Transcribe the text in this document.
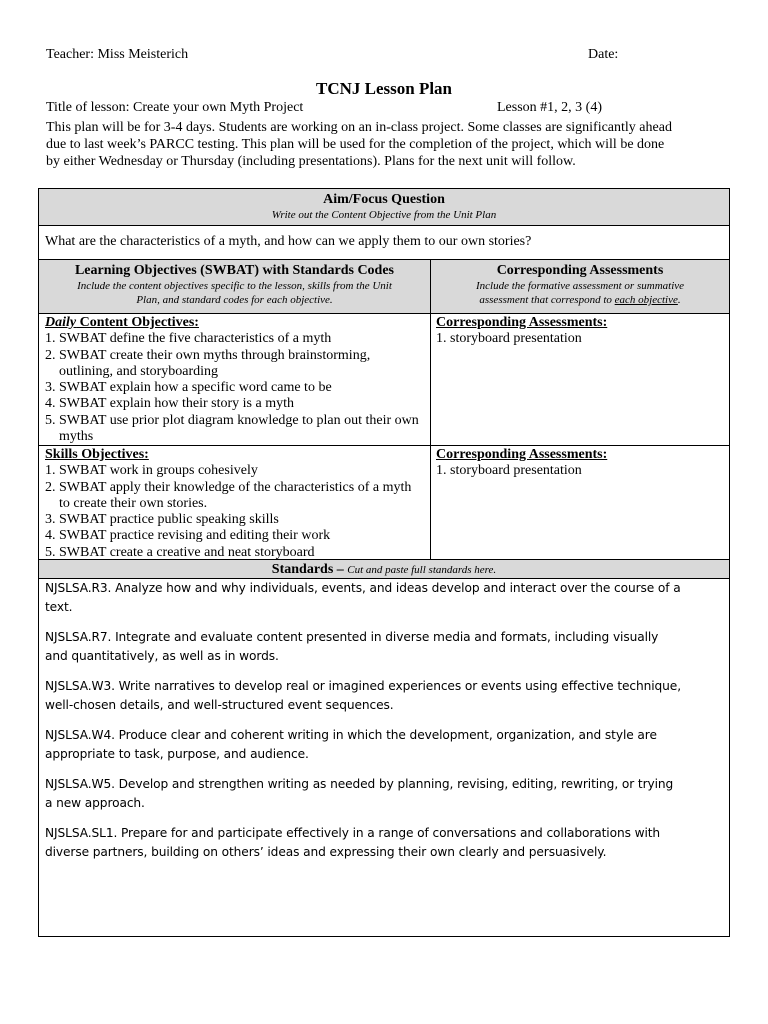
Teacher: Miss Meisterich	Date:
TCNJ Lesson Plan
Title of lesson: Create your own Myth Project	Lesson #1, 2, 3 (4)
This plan will be for 3-4 days. Students are working on an in-class project. Some classes are significantly ahead
due to last week’s PARCC testing. This plan will be used for the completion of the project, which will be done
by either Wednesday or Thursday (including presentations). Plans for the next unit will follow.
Aim/Focus Question
Write out the Content Objective from the Unit Plan
What are the characteristics of a myth, and how can we apply them to our own stories?
Learning Objectives (SWBAT) with Standards Codes
Include the content objectives specific to the lesson, skills from the Unit
Plan, and standard codes for each objective.
Corresponding Assessments
Include the formative assessment or summative
assessment that correspond to each objective.
Daily Content Objectives:
1. SWBAT define the five characteristics of a myth
2. SWBAT create their own myths through brainstorming,
outlining, and storyboarding
3. SWBAT explain how a specific word came to be
4. SWBAT explain how their story is a myth
5. SWBAT use prior plot diagram knowledge to plan out their own
myths
Corresponding Assessments:
1. storyboard presentation
Skills Objectives:
1. SWBAT work in groups cohesively
2. SWBAT apply their knowledge of the characteristics of a myth
to create their own stories.
3. SWBAT practice public speaking skills
4. SWBAT practice revising and editing their work
5. SWBAT create a creative and neat storyboard
Corresponding Assessments:
1. storyboard presentation
Standards – Cut and paste full standards here.
NJSLSA.R3. Analyze how and why individuals, events, and ideas develop and interact over the course of a
text.
NJSLSA.R7. Integrate and evaluate content presented in diverse media and formats, including visually
and quantitatively, as well as in words.
NJSLSA.W3. Write narratives to develop real or imagined experiences or events using effective technique,
well-chosen details, and well-structured event sequences.
NJSLSA.W4. Produce clear and coherent writing in which the development, organization, and style are
appropriate to task, purpose, and audience.
NJSLSA.W5. Develop and strengthen writing as needed by planning, revising, editing, rewriting, or trying
a new approach.
NJSLSA.SL1. Prepare for and participate effectively in a range of conversations and collaborations with
diverse partners, building on others’ ideas and expressing their own clearly and persuasively.
